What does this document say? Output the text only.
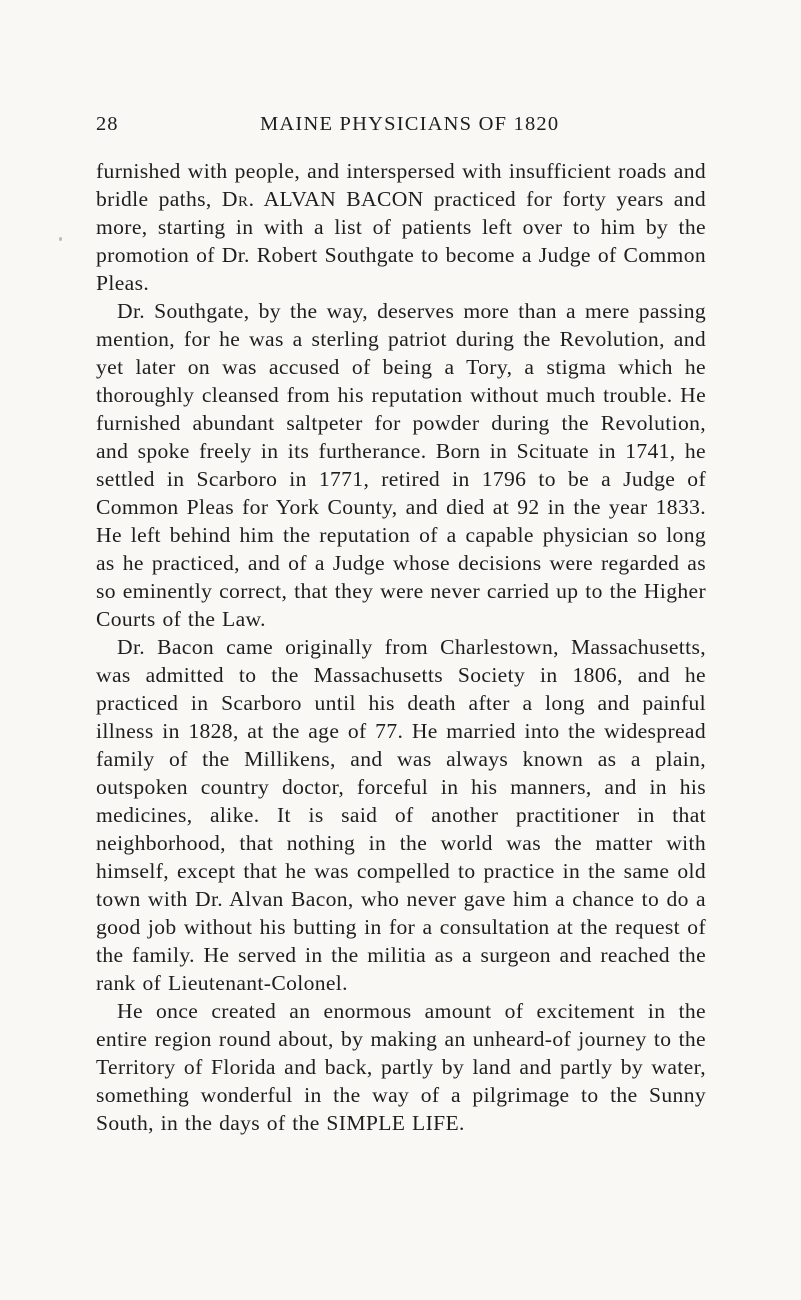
28	MAINE PHYSICIANS OF 1820

furnished with people, and interspersed with insufficient roads and bridle paths, Dr. ALVAN BACON practiced for forty years and more, starting in with a list of patients left over to him by the promotion of Dr. Robert Southgate to become a Judge of Common Pleas.

Dr. Southgate, by the way, deserves more than a mere passing mention, for he was a sterling patriot during the Revolution, and yet later on was accused of being a Tory, a stigma which he thoroughly cleansed from his reputation without much trouble. He furnished abundant saltpeter for powder during the Revolution, and spoke freely in its furtherance. Born in Scituate in 1741, he settled in Scarboro in 1771, retired in 1796 to be a Judge of Common Pleas for York County, and died at 92 in the year 1833. He left behind him the reputation of a capable physician so long as he practiced, and of a Judge whose decisions were regarded as so eminently correct, that they were never carried up to the Higher Courts of the Law.

Dr. Bacon came originally from Charlestown, Massachusetts, was admitted to the Massachusetts Society in 1806, and he practiced in Scarboro until his death after a long and painful illness in 1828, at the age of 77. He married into the widespread family of the Millikens, and was always known as a plain, outspoken country doctor, forceful in his manners, and in his medicines, alike. It is said of another practitioner in that neighborhood, that nothing in the world was the matter with himself, except that he was compelled to practice in the same old town with Dr. Alvan Bacon, who never gave him a chance to do a good job without his butting in for a consultation at the request of the family. He served in the militia as a surgeon and reached the rank of Lieutenant-Colonel.

He once created an enormous amount of excitement in the entire region round about, by making an unheard-of journey to the Territory of Florida and back, partly by land and partly by water, something wonderful in the way of a pilgrimage to the Sunny South, in the days of the SIMPLE LIFE.
